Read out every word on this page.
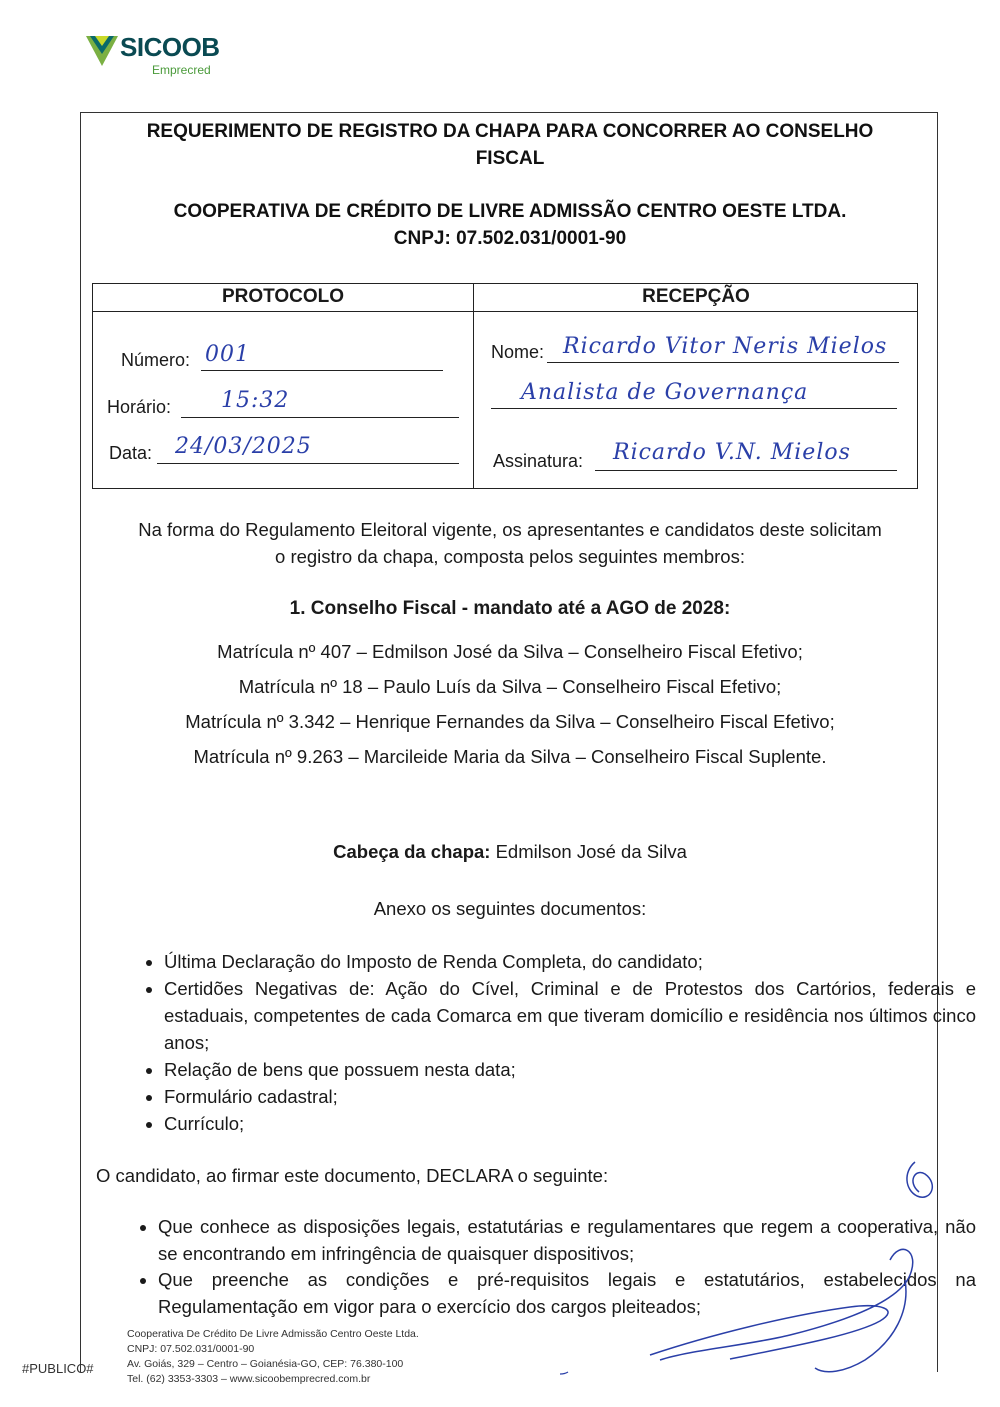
SICOOB
Emprecred
REQUERIMENTO DE REGISTRO DA CHAPA PARA CONCORRER AO CONSELHO
FISCAL
COOPERATIVA DE CRÉDITO DE LIVRE ADMISSÃO CENTRO OESTE LTDA.
CNPJ: 07.502.031/0001-90
PROTOCOLO	RECEPÇÃO
Número: 001
Horário: 15:32
Data: 24/03/2025
Nome: Ricardo Vitor Neris Mielos
Analista de Governança
Assinatura: Ricardo V.N. Mielos
Na forma do Regulamento Eleitoral vigente, os apresentantes e candidatos deste solicitam
o registro da chapa, composta pelos seguintes membros:
1. Conselho Fiscal - mandato até a AGO de 2028:
Matrícula nº 407 – Edmilson José da Silva – Conselheiro Fiscal Efetivo;
Matrícula nº 18 – Paulo Luís da Silva – Conselheiro Fiscal Efetivo;
Matrícula nº 3.342 – Henrique Fernandes da Silva – Conselheiro Fiscal Efetivo;
Matrícula nº 9.263 – Marcileide Maria da Silva – Conselheiro Fiscal Suplente.
Cabeça da chapa: Edmilson José da Silva
Anexo os seguintes documentos:
• Última Declaração do Imposto de Renda Completa, do candidato;
• Certidões Negativas de: Ação do Cível, Criminal e de Protestos dos Cartórios, federais e estaduais, competentes de cada Comarca em que tiveram domicílio e residência nos últimos cinco anos;
• Relação de bens que possuem nesta data;
• Formulário cadastral;
• Currículo;
O candidato, ao firmar este documento, DECLARA o seguinte:
• Que conhece as disposições legais, estatutárias e regulamentares que regem a cooperativa, não se encontrando em infringência de quaisquer dispositivos;
• Que preenche as condições e pré-requisitos legais e estatutários, estabelecidos na Regulamentação em vigor para o exercício dos cargos pleiteados;
Cooperativa De Crédito De Livre Admissão Centro Oeste Ltda.
CNPJ: 07.502.031/0001-90
Av. Goiás, 329 – Centro – Goianésia-GO, CEP: 76.380-100
Tel. (62) 3353-3303 – www.sicoobemprecred.com.br
#PUBLICO#
